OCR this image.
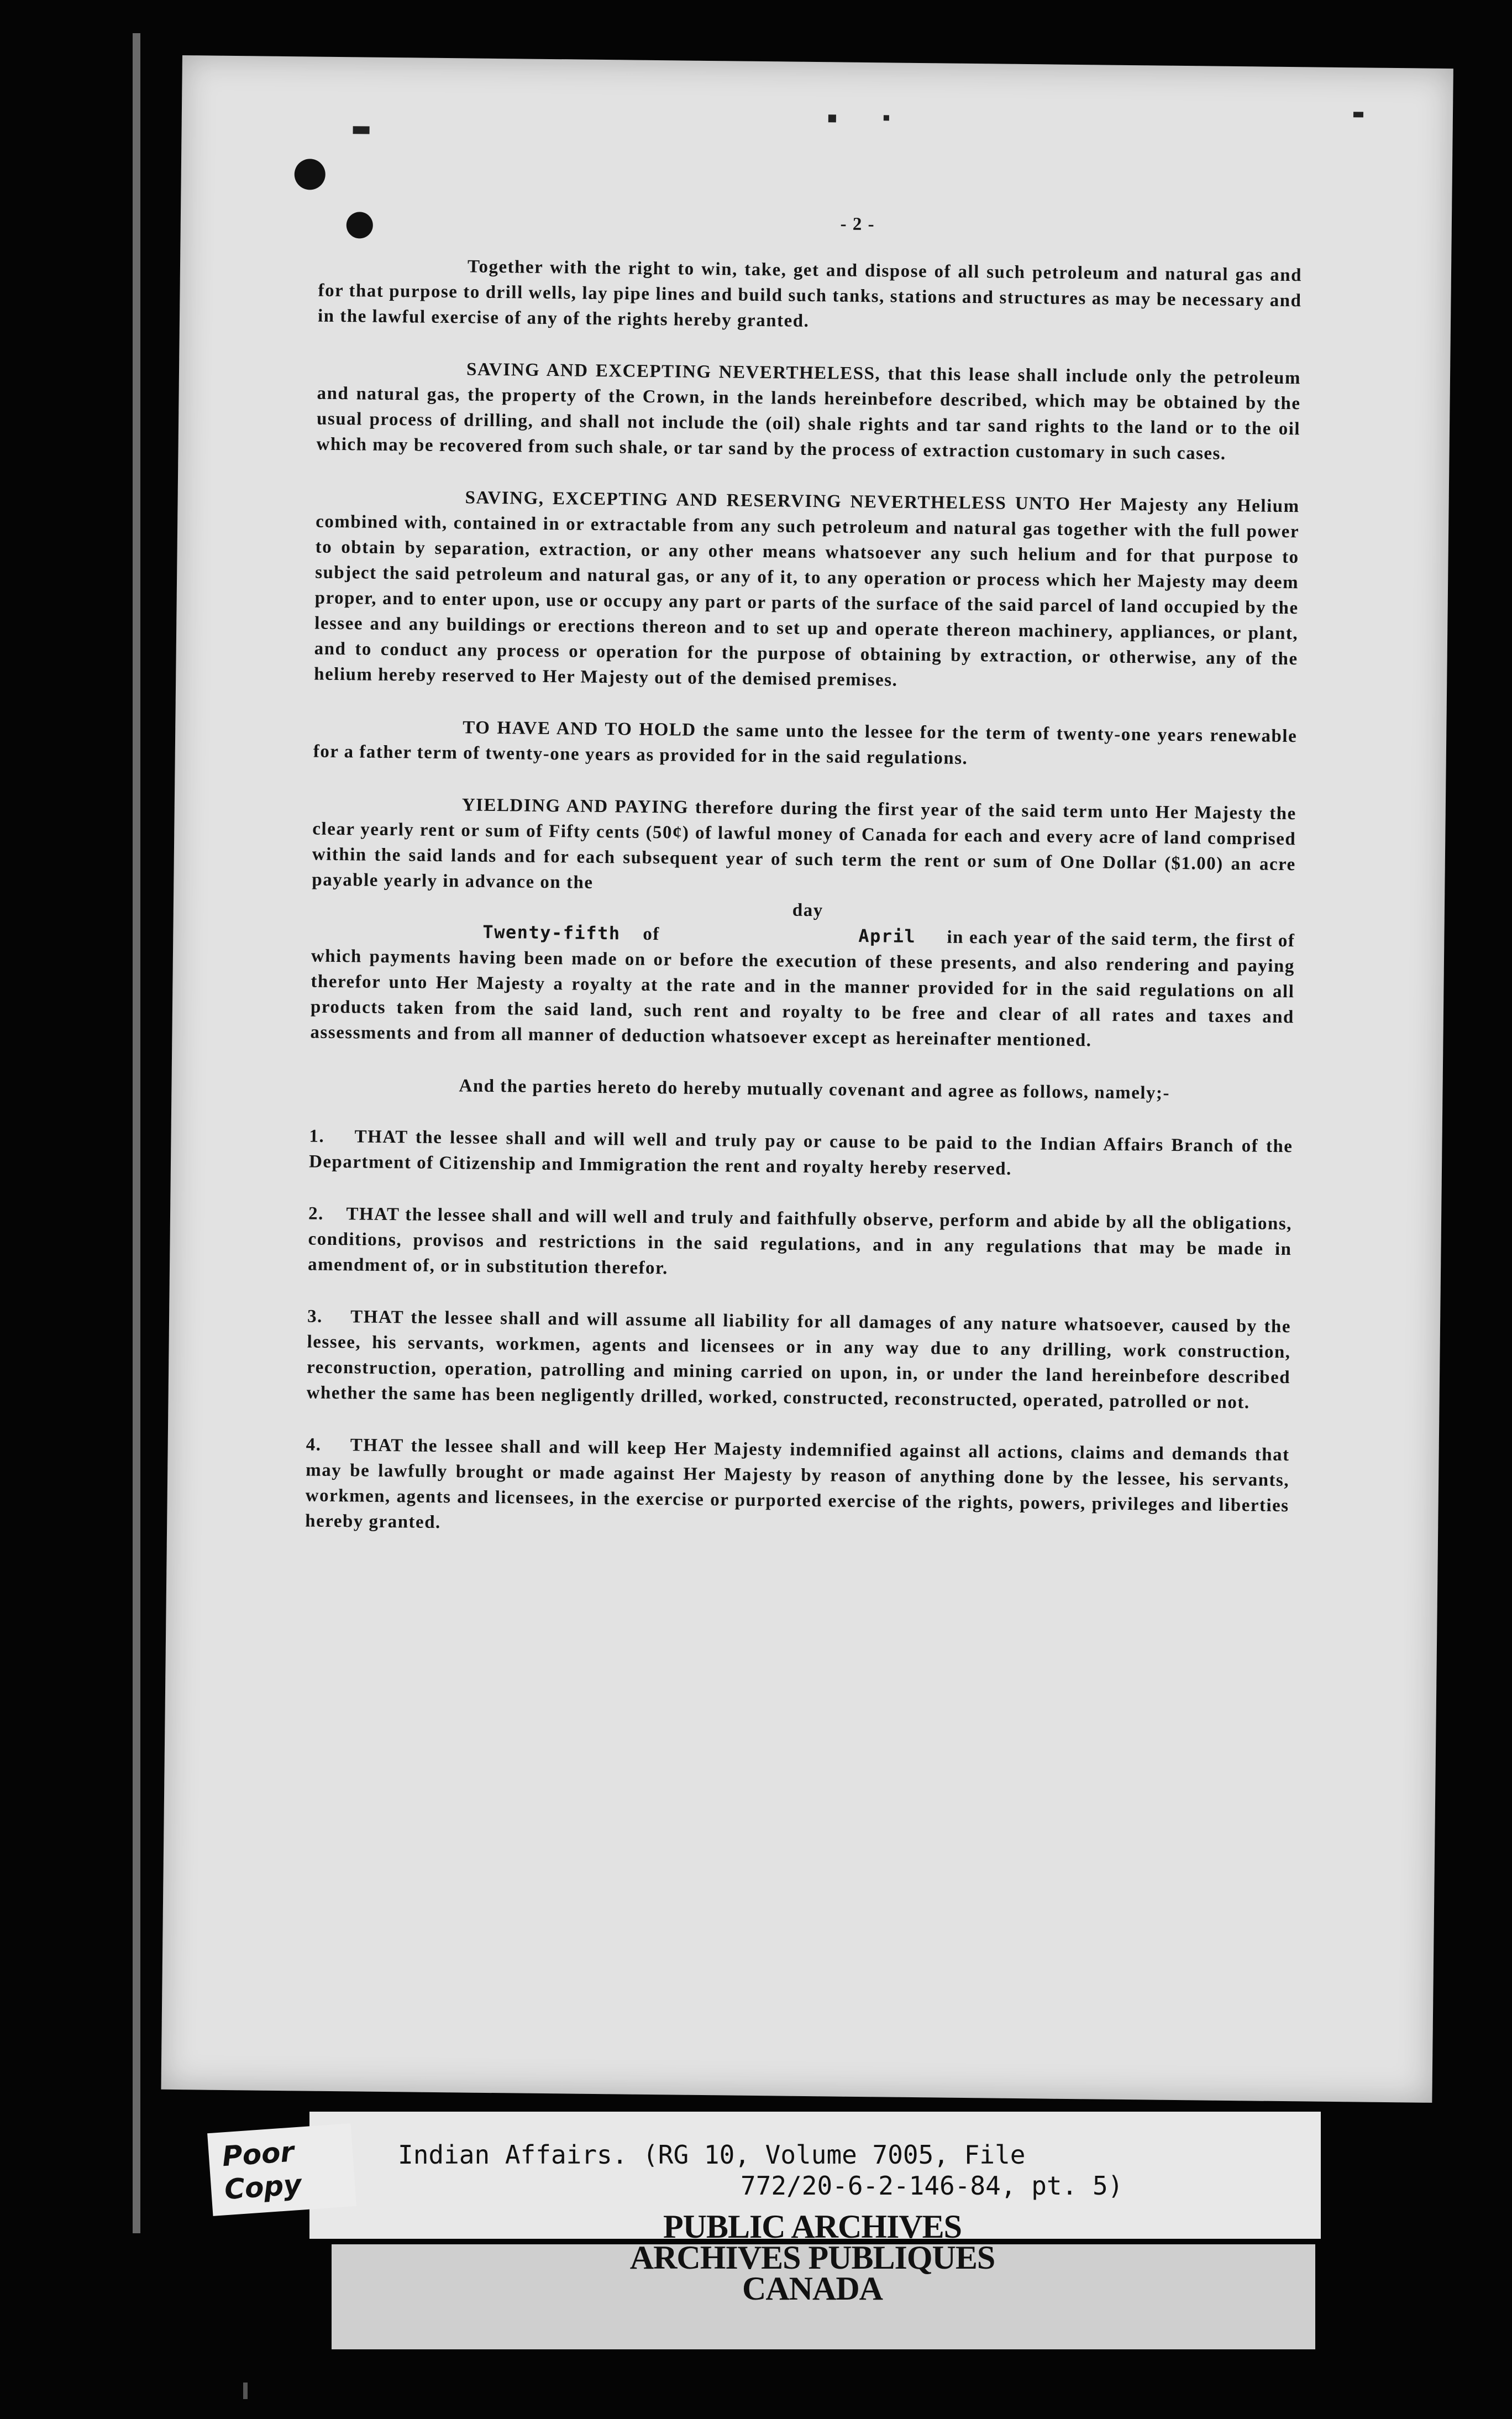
- 2 -

Together with the right to win, take, get and dispose of all such petroleum and natural gas and for that purpose to drill wells, lay pipe lines and build such tanks, stations and structures as may be necessary and in the lawful exercise of any of the rights hereby granted.

SAVING AND EXCEPTING NEVERTHELESS, that this lease shall include only the petroleum and natural gas, the property of the Crown, in the lands hereinbefore described, which may be obtained by the usual process of drilling, and shall not include the (oil) shale rights and tar sand rights to the land or to the oil which may be recovered from such shale, or tar sand by the process of extraction customary in such cases.

SAVING, EXCEPTING AND RESERVING NEVERTHELESS UNTO Her Majesty any Helium combined with, contained in or extractable from any such petroleum and natural gas together with the full power to obtain by separation, extraction, or any other means whatsoever any such helium and for that purpose to subject the said petroleum and natural gas, or any of it, to any operation or process which her Majesty may deem proper, and to enter upon, use or occupy any part or parts of the surface of the said parcel of land occupied by the lessee and any buildings or erections thereon and to set up and operate thereon machinery, appliances, or plant, and to conduct any process or operation for the purpose of obtaining by extraction, or otherwise, any of the helium hereby reserved to Her Majesty out of the demised premises.

TO HAVE AND TO HOLD the same unto the lessee for the term of twenty-one years renewable for a father term of twenty-one years as provided for in the said regulations.

YIELDING AND PAYING therefore during the first year of the said term unto Her Majesty the clear yearly rent or sum of Fifty cents (50¢) of lawful money of Canada for each and every acre of land comprised within the said lands and for each subsequent year of such term the rent or sum of One Dollar ($1.00) an acre payable yearly in advance on the
Twenty-fifthday of	April in each year of the said term, the first of which payments having been made on or before the execution of these presents, and also rendering and paying therefor unto Her Majesty a royalty at the rate and in the manner provided for in the said regulations on all products taken from the said land, such rent and royalty to be free and clear of all rates and taxes and assessments and from all manner of deduction whatsoever except as hereinafter mentioned.

And the parties hereto do hereby mutually covenant and agree as follows, namely;-

1. THAT the lessee shall and will well and truly pay or cause to be paid to the Indian Affairs Branch of the Department of Citizenship and Immigration the rent and royalty hereby reserved.

2. THAT the lessee shall and will well and truly and faithfully observe, perform and abide by all the obligations, conditions, provisos and restrictions in the said regulations, and in any regulations that may be made in amendment of, or in substitution therefor.

3. THAT the lessee shall and will assume all liability for all damages of any nature whatsoever, caused by the lessee, his servants, workmen, agents and licensees or in any way due to any drilling, work construction, reconstruction, operation, patrolling and mining carried on upon, in, or under the land hereinbefore described whether the same has been negligently drilled, worked, constructed, reconstructed, operated, patrolled or not.

4. THAT the lessee shall and will keep Her Majesty indemnified against all actions, claims and demands that may be lawfully brought or made against Her Majesty by reason of anything done by the lessee, his servants, workmen, agents and licensees, in the exercise or purported exercise of the rights, powers, privileges and liberties hereby granted.

Poor
Copy
Indian Affairs. (RG 10, Volume 7005, File
772/20-6-2-146-84, pt. 5)
PUBLIC ARCHIVES
ARCHIVES PUBLIQUES
CANADA
